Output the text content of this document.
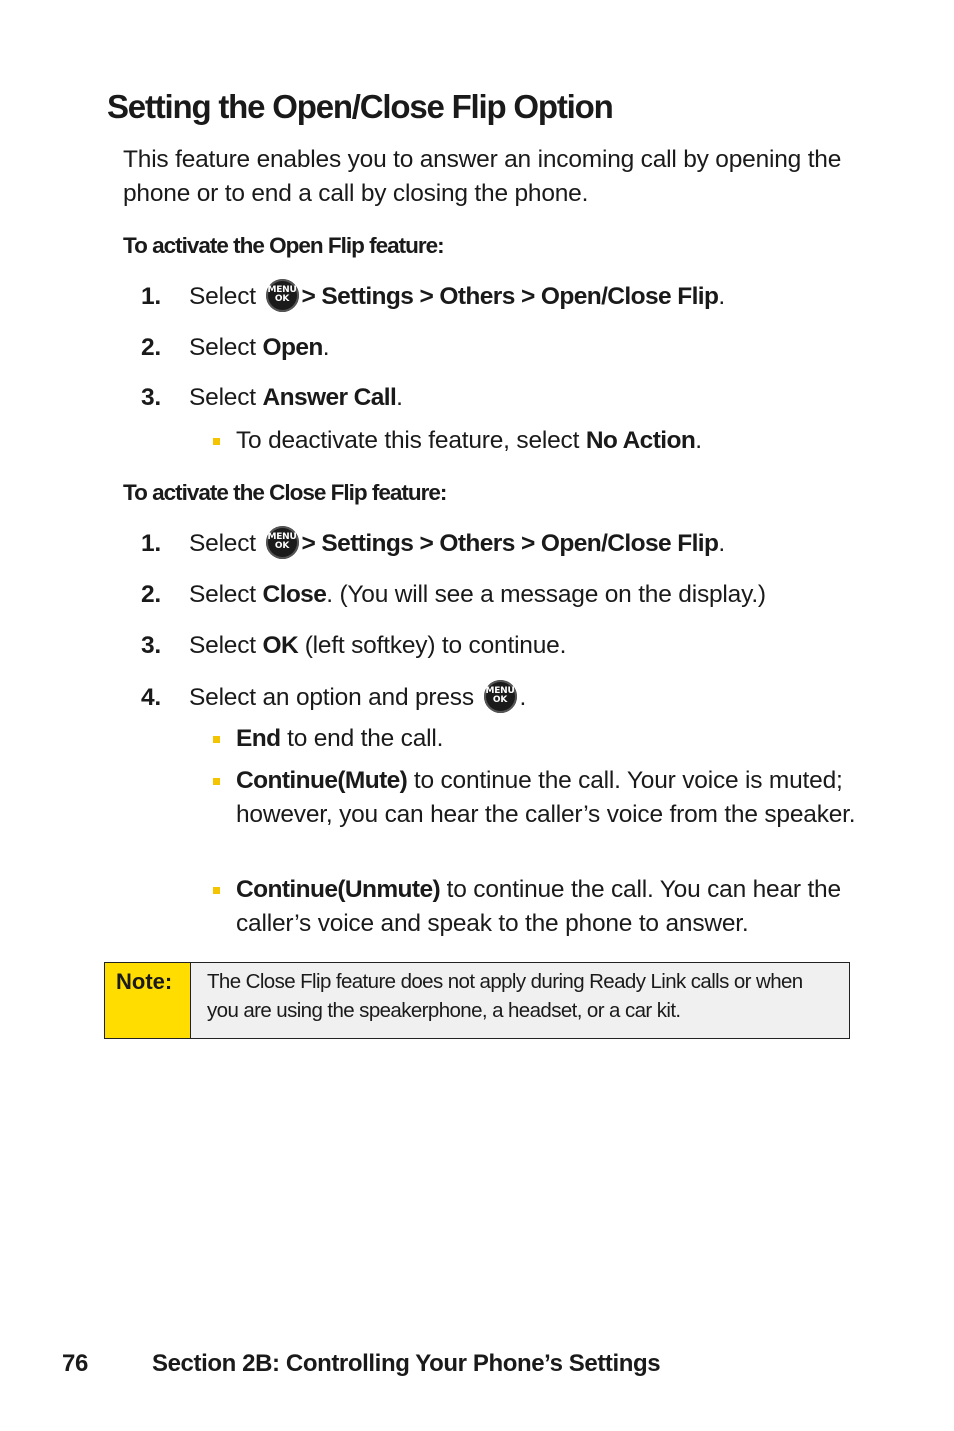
Setting the Open/Close Flip Option

This feature enables you to answer an incoming call by opening the phone or to end a call by closing the phone.

To activate the Open Flip feature:
1. Select MENU
OK > Settings > Others > Open/Close Flip.
2. Select Open.
3. Select Answer Call.
To deactivate this feature, select No Action.
To activate the Close Flip feature:
1. Select MENU
OK > Settings > Others > Open/Close Flip.
2. Select Close. (You will see a message on the display.)
3. Select OK (left softkey) to continue.
4. Select an option and press MENU
OK .
End to end the call.
Continue(Mute) to continue the call. Your voice is muted; however, you can hear the caller’s voice from the speaker.
Continue(Unmute) to continue the call. You can hear the caller’s voice and speak to the phone to answer.
Note:	The Close Flip feature does not apply during Ready Link calls or when you are using the speakerphone, a headset, or a car kit.
76	Section 2B: Controlling Your Phone’s Settings
